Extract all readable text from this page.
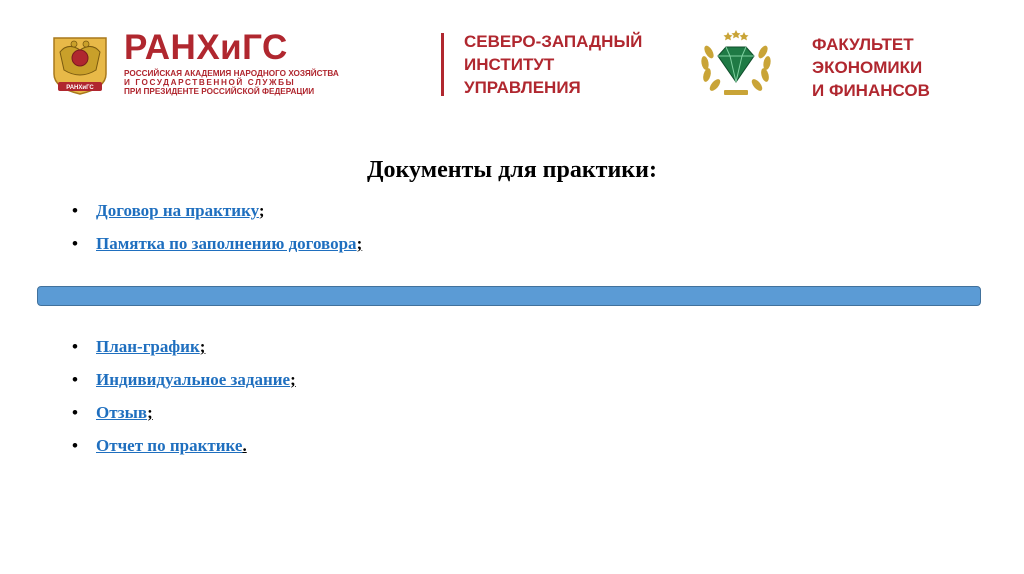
РАНХиГС
РАНХиГС
РОССИЙСКАЯ АКАДЕМИЯ НАРОДНОГО ХОЗЯЙСТВА
И ГОСУДАРСТВЕННОЙ СЛУЖБЫ
ПРИ ПРЕЗИДЕНТЕ РОССИЙСКОЙ ФЕДЕРАЦИИ
СЕВЕРО-ЗАПАДНЫЙ
ИНСТИТУТ
УПРАВЛЕНИЯ
ФАКУЛЬТЕТ
ЭКОНОМИКИ
И ФИНАНСОВ
Документы для практики:
• Договор на практику;
• Памятка по заполнению договора;
• План-график;
• Индивидуальное задание;
• Отзыв;
• Отчет по практике.
